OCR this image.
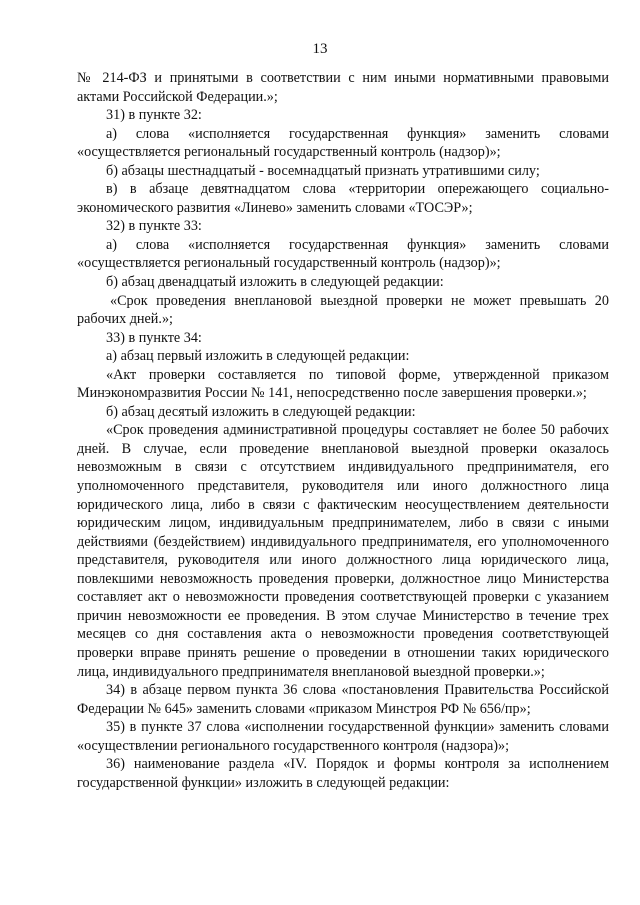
13

№ 214-ФЗ и принятыми в соответствии с ним иными нормативными правовыми актами Российской Федерации.»;

31) в пункте 32:

а) слова «исполняется государственная функция» заменить словами «осуществляется региональный государственный контроль (надзор)»;

б) абзацы шестнадцатый - восемнадцатый признать утратившими силу;

в) в абзаце девятнадцатом слова «территории опережающего социально-экономического развития «Линево» заменить словами «ТОСЭР»;

32) в пункте 33:

а) слова «исполняется государственная функция» заменить словами «осуществляется региональный государственный контроль (надзор)»;

б) абзац двенадцатый изложить в следующей редакции:

«Срок проведения внеплановой выездной проверки не может превышать 20 рабочих дней.»;

33) в пункте 34:

а) абзац первый изложить в следующей редакции:

«Акт проверки составляется по типовой форме, утвержденной приказом Минэкономразвития России № 141, непосредственно после завершения проверки.»;

б) абзац десятый изложить в следующей редакции:

«Срок проведения административной процедуры составляет не более 50 рабочих дней. В случае, если проведение внеплановой выездной проверки оказалось невозможным в связи с отсутствием индивидуального предпринимателя, его уполномоченного представителя, руководителя или иного должностного лица юридического лица, либо в связи с фактическим неосуществлением деятельности юридическим лицом, индивидуальным предпринимателем, либо в связи с иными действиями (бездействием) индивидуального предпринимателя, его уполномоченного представителя, руководителя или иного должностного лица юридического лица, повлекшими невозможность проведения проверки, должностное лицо Министерства составляет акт о невозможности проведения соответствующей проверки с указанием причин невозможности ее проведения. В этом случае Министерство в течение трех месяцев со дня составления акта о невозможности проведения соответствующей проверки вправе принять решение о проведении в отношении таких юридического лица, индивидуального предпринимателя внеплановой выездной проверки.»;

34) в абзаце первом пункта 36 слова «постановления Правительства Российской Федерации № 645» заменить словами «приказом Минстроя РФ № 656/пр»;

35) в пункте 37 слова «исполнении государственной функции» заменить словами «осуществлении регионального государственного контроля (надзора)»;

36) наименование раздела «IV. Порядок и формы контроля за исполнением государственной функции» изложить в следующей редакции:
